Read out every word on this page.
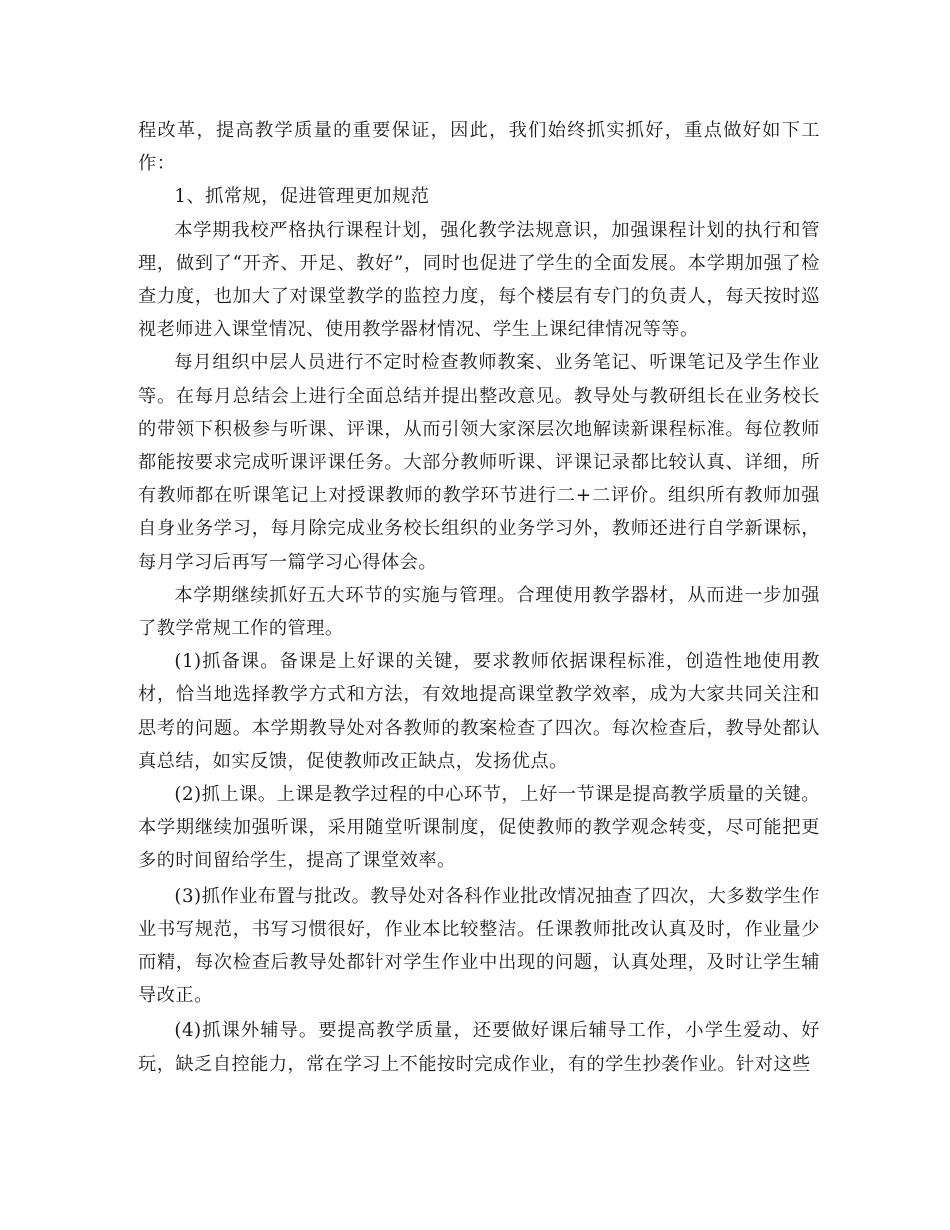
程改革，提高教学质量的重要保证，因此，我们始终抓实抓好，重点做好如下工作：

1、抓常规，促进管理更加规范

本学期我校严格执行课程计划，强化教学法规意识，加强课程计划的执行和管理，做到了“开齐、开足、教好”，同时也促进了学生的全面发展。本学期加强了检查力度，也加大了对课堂教学的监控力度，每个楼层有专门的负责人，每天按时巡视老师进入课堂情况、使用教学器材情况、学生上课纪律情况等等。

每月组织中层人员进行不定时检查教师教案、业务笔记、听课笔记及学生作业等。在每月总结会上进行全面总结并提出整改意见。教导处与教研组长在业务校长的带领下积极参与听课、评课，从而引领大家深层次地解读新课程标准。每位教师都能按要求完成听课评课任务。大部分教师听课、评课记录都比较认真、详细，所有教师都在听课笔记上对授课教师的教学环节进行二+二评价。组织所有教师加强自身业务学习，每月除完成业务校长组织的业务学习外，教师还进行自学新课标，每月学习后再写一篇学习心得体会。

本学期继续抓好五大环节的实施与管理。合理使用教学器材，从而进一步加强了教学常规工作的管理。

(1)抓备课。备课是上好课的关键，要求教师依据课程标准，创造性地使用教材，恰当地选择教学方式和方法，有效地提高课堂教学效率，成为大家共同关注和思考的问题。本学期教导处对各教师的教案检查了四次。每次检查后，教导处都认真总结，如实反馈，促使教师改正缺点，发扬优点。

(2)抓上课。上课是教学过程的中心环节，上好一节课是提高教学质量的关键。本学期继续加强听课，采用随堂听课制度，促使教师的教学观念转变，尽可能把更多的时间留给学生，提高了课堂效率。

(3)抓作业布置与批改。教导处对各科作业批改情况抽查了四次，大多数学生作业书写规范，书写习惯很好，作业本比较整洁。任课教师批改认真及时，作业量少而精，每次检查后教导处都针对学生作业中出现的问题，认真处理，及时让学生辅导改正。

(4)抓课外辅导。要提高教学质量，还要做好课后辅导工作，小学生爱动、好玩，缺乏自控能力，常在学习上不能按时完成作业，有的学生抄袭作业。针对这些
